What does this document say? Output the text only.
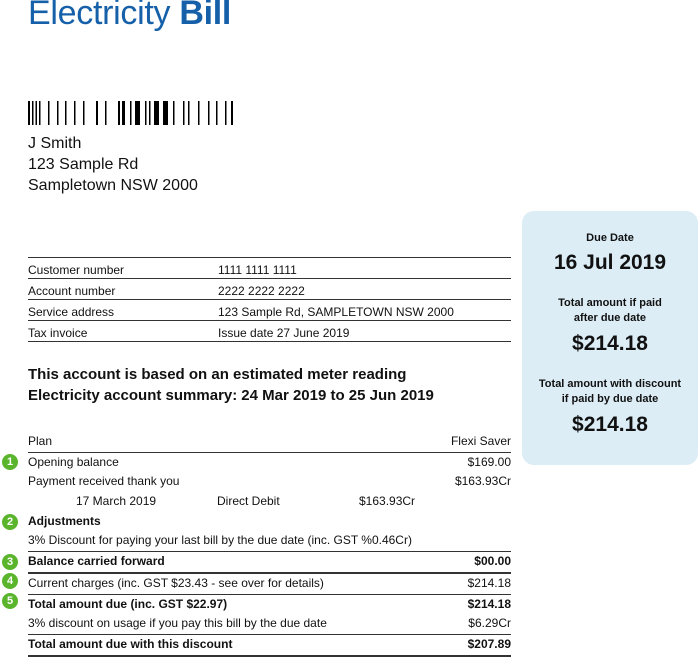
Electricity Bill
J Smith
123 Sample Rd
Sampletown NSW 2000
Due Date
16 Jul 2019
Total amount if paid
after due date
$214.18
Total amount with discount
if paid by due date
$214.18
Customer number	1111 1111 1111
Account number	2222 2222 2222
Service address	123 Sample Rd, SAMPLETOWN NSW 2000
Tax invoice	Issue date 27 June 2019
This account is based on an estimated meter reading
Electricity account summary: 24 Mar 2019 to 25 Jun 2019
Plan	Flexi Saver
Opening balance	$169.00
Payment received thank you	$163.93Cr
17 March 2019	Direct Debit	$163.93Cr
Adjustments
3% Discount for paying your last bill by the due date (inc. GST %0.46Cr)
Balance carried forward	$00.00
Current charges (inc. GST $23.43 - see over for details)	$214.18
Total amount due (inc. GST $22.97)	$214.18
3% discount on usage if you pay this bill by the due date	$6.29Cr
Total amount due with this discount	$207.89
1
2
3
4
5
